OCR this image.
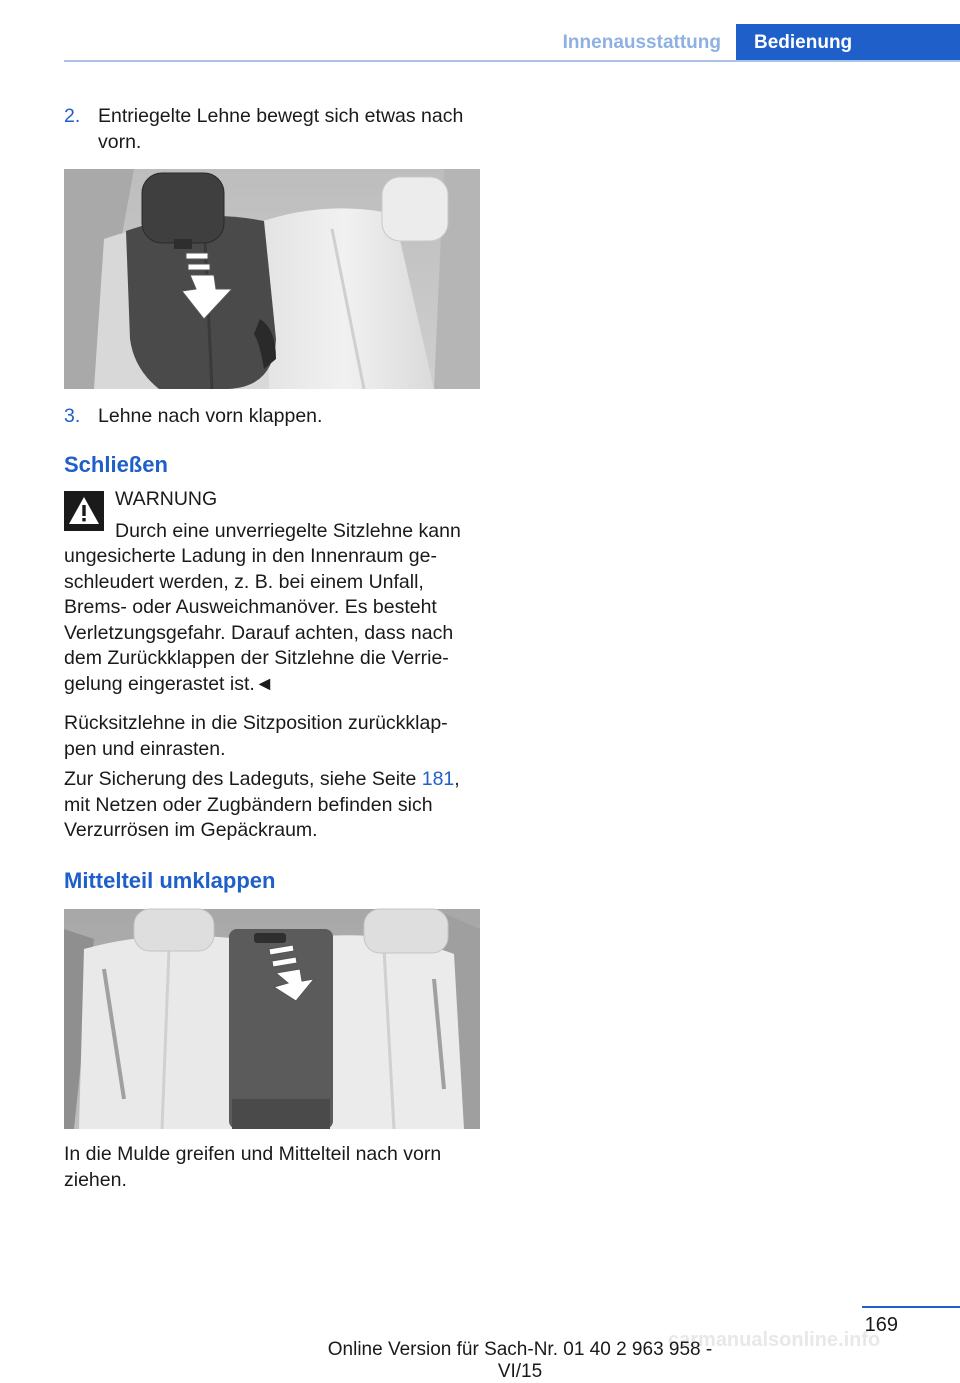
Innenausstattung	Bedienung
2. Entriegelte Lehne bewegt sich etwas nach vorn.
3. Lehne nach vorn klappen.
Schließen
WARNUNG
Durch eine unverriegelte Sitzlehne kann
ungesicherte Ladung in den Innenraum ge-schleudert werden, z. B. bei einem Unfall, Brems- oder Ausweichmanöver. Es besteht Verletzungsgefahr. Darauf achten, dass nach dem Zurückklappen der Sitzlehne die Verrie-gelung eingerastet ist.◄
Rücksitzlehne in die Sitzposition zurückklap-pen und einrasten.
Zur Sicherung des Ladeguts, siehe Seite 181, mit Netzen oder Zugbändern befinden sich Verzurrösen im Gepäckraum.
Mittelteil umklappen
In die Mulde greifen und Mittelteil nach vorn ziehen.
169
carmanualsonline.info
Online Version für Sach-Nr. 01 40 2 963 958 - VI/15
